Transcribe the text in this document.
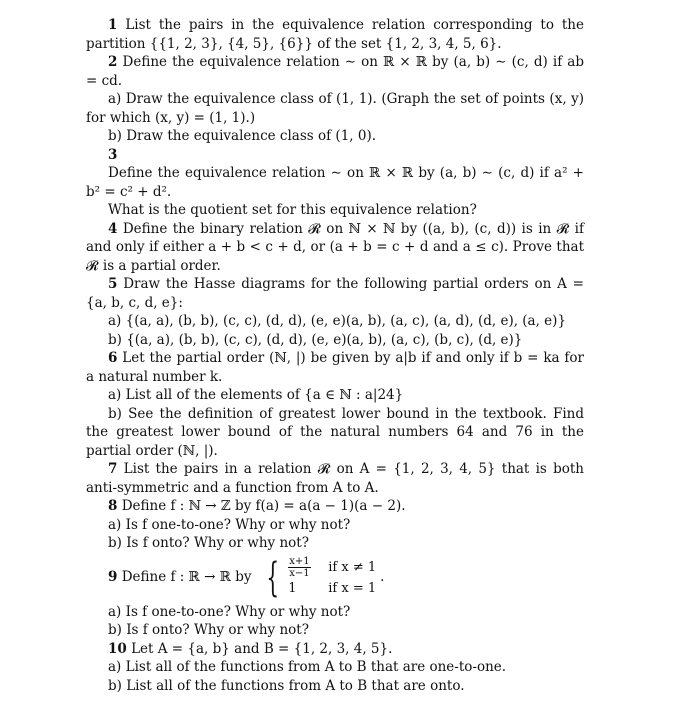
1 List the pairs in the equivalence relation corresponding to the partition {{1, 2, 3}, {4, 5}, {6}} of the set {1, 2, 3, 4, 5, 6}.
2 Define the equivalence relation ∼ on ℝ × ℝ by (a, b) ∼ (c, d) if ab = cd.
a) Draw the equivalence class of (1, 1). (Graph the set of points (x, y) for which (x, y) = (1, 1).)
b) Draw the equivalence class of (1, 0).
3
Define the equivalence relation ∼ on ℝ × ℝ by (a, b) ∼ (c, d) if a² + b² = c² + d².
What is the quotient set for this equivalence relation?
4 Define the binary relation 𝓡 on ℕ × ℕ by ((a, b), (c, d)) is in 𝓡 if and only if either a + b < c + d, or (a + b = c + d and a ≤ c). Prove that 𝓡 is a partial order.
5 Draw the Hasse diagrams for the following partial orders on A = {a, b, c, d, e}:
a) {(a, a), (b, b), (c, c), (d, d), (e, e)(a, b), (a, c), (a, d), (d, e), (a, e)}
b) {(a, a), (b, b), (c, c), (d, d), (e, e)(a, b), (a, c), (b, c), (d, e)}
6 Let the partial order (ℕ, |) be given by a|b if and only if b = ka for a natural number k.
a) List all of the elements of {a ∈ ℕ : a|24}
b) See the definition of greatest lower bound in the textbook. Find the greatest lower bound of the natural numbers 64 and 76 in the partial order (ℕ, |).
7 List the pairs in a relation 𝓡 on A = {1, 2, 3, 4, 5} that is both anti-symmetric and a function from A to A.
8 Define f : ℕ → ℤ by f(a) = a(a − 1)(a − 2).
a) Is f one-to-one? Why or why not?
b) Is f onto? Why or why not?
9 Define f : ℝ → ℝ by { $\frac{x+1}{x-1}$ if x ≠ 1
1 if x = 1
.
a) Is f one-to-one? Why or why not?
b) Is f onto? Why or why not?
10 Let A = {a, b} and B = {1, 2, 3, 4, 5}.
a) List all of the functions from A to B that are one-to-one.
b) List all of the functions from A to B that are onto.
